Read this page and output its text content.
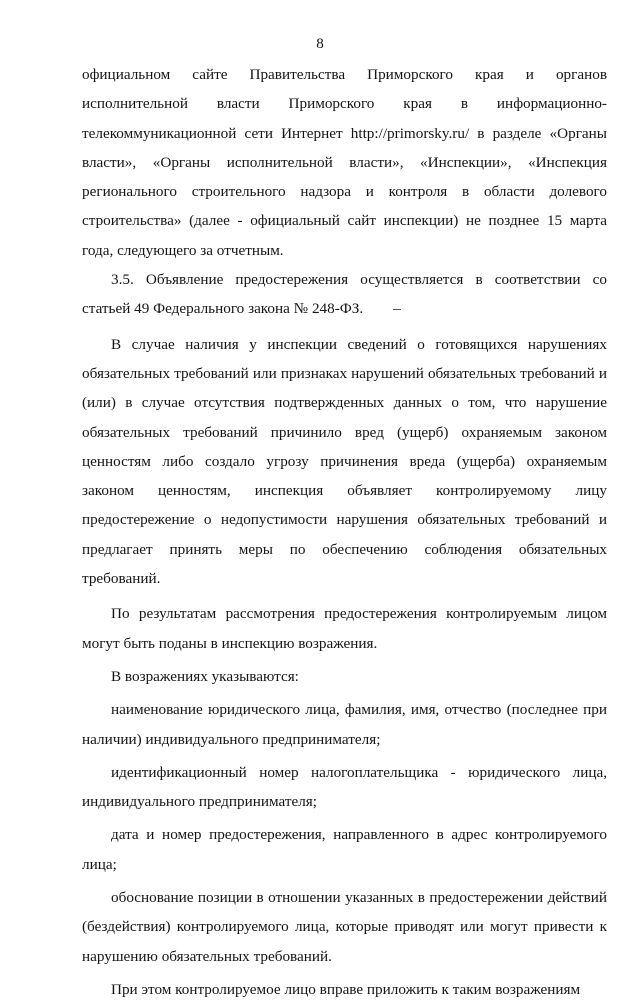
8

официальном сайте Правительства Приморского края и органов исполнительной власти Приморского края в информационно-телекоммуникационной сети Интернет http://primorsky.ru/ в разделе «Органы власти», «Органы исполнительной власти», «Инспекции», «Инспекция регионального строительного надзора и контроля в области долевого строительства» (далее - официальный сайт инспекции) не позднее 15 марта года, следующего за отчетным.

3.5. Объявление предостережения осуществляется в соответствии со статьей 49 Федерального закона № 248-ФЗ.

В случае наличия у инспекции сведений о готовящихся нарушениях обязательных требований или признаках нарушений обязательных требований и (или) в случае отсутствия подтвержденных данных о том, что нарушение обязательных требований причинило вред (ущерб) охраняемым законом ценностям либо создало угрозу причинения вреда (ущерба) охраняемым законом ценностям, инспекция объявляет контролируемому лицу предостережение о недопустимости нарушения обязательных требований и предлагает принять меры по обеспечению соблюдения обязательных требований.

По результатам рассмотрения предостережения контролируемым лицом могут быть поданы в инспекцию возражения.

В возражениях указываются:

наименование юридического лица, фамилия, имя, отчество (последнее при наличии) индивидуального предпринимателя;

идентификационный номер налогоплательщика - юридического лица, индивидуального предпринимателя;

дата и номер предостережения, направленного в адрес контролируемого лица;

обоснование позиции в отношении указанных в предостережении действий (бездействия) контролируемого лица, которые приводят или могут привести к нарушению обязательных требований.

При этом контролируемое лицо вправе приложить к таким возражениям
